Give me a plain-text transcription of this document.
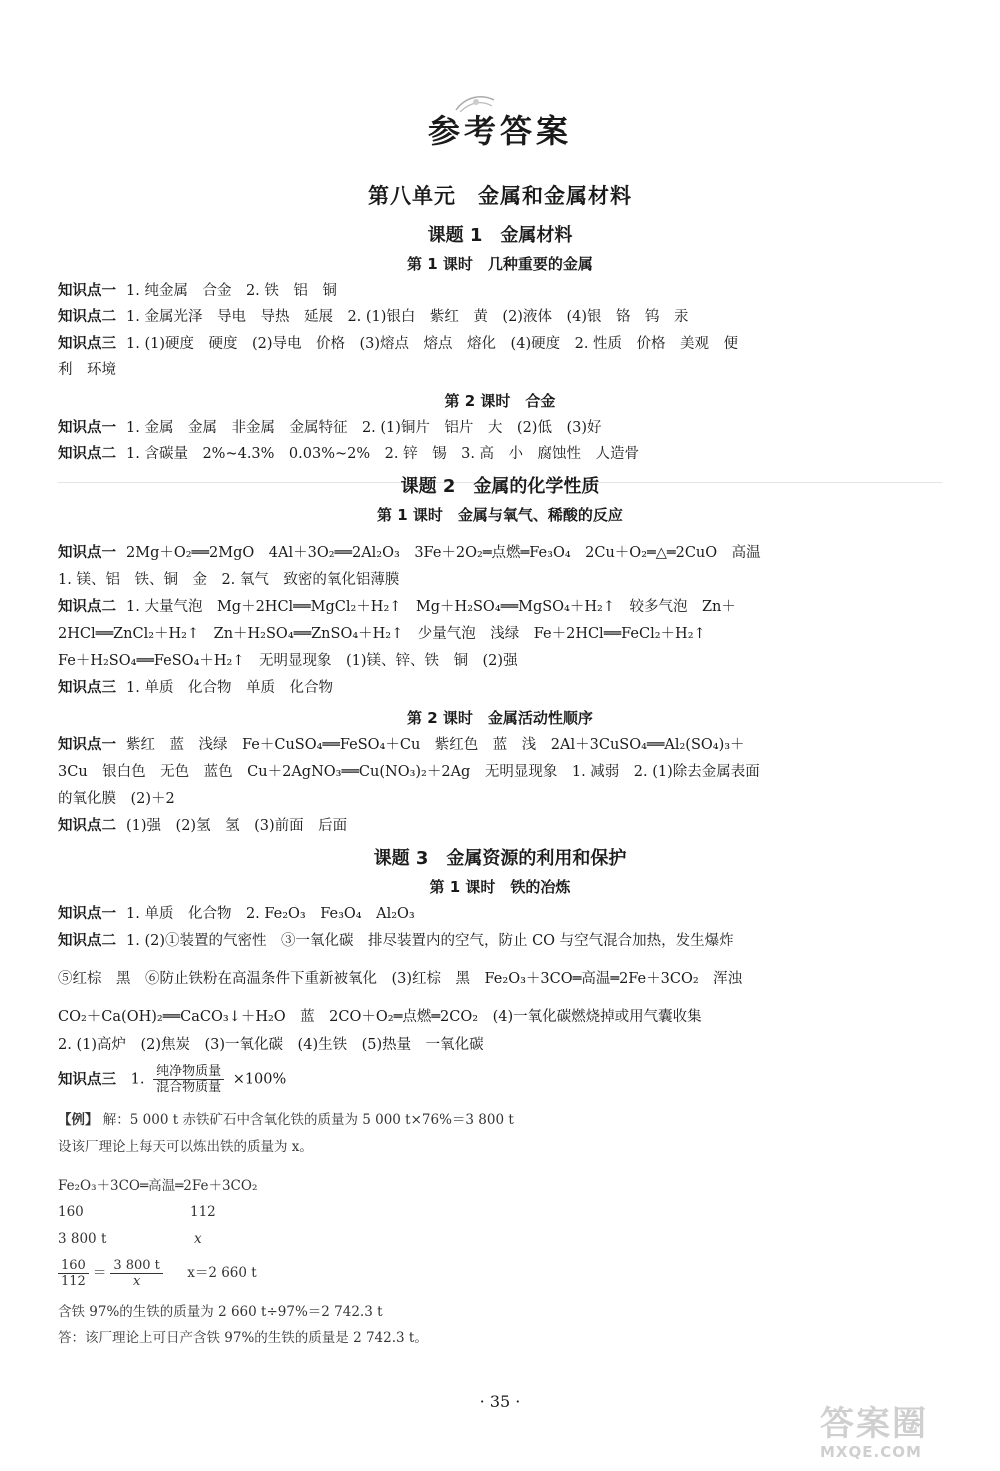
参考答案
第八单元　金属和金属材料
课题 1　金属材料
第 1 课时　几种重要的金属
知识点一 1. 纯金属　合金　2. 铁　铝　铜
知识点二 1. 金属光泽　导电　导热　延展　2. (1)银白　紫红　黄　(2)液体　(4)银　铬　钨　汞
知识点三 1. (1)硬度　硬度　(2)导电　价格　(3)熔点　熔点　熔化　(4)硬度　2. 性质　价格　美观　便
利　环境
第 2 课时　合金
知识点一 1. 金属　金属　非金属　金属特征　2. (1)铜片　铝片　大　(2)低　(3)好
知识点二 1. 含碳量　2%~4.3%　0.03%~2%　2. 锌　锡　3. 高　小　腐蚀性　人造骨
课题 2　金属的化学性质
第 1 课时　金属与氧气、稀酸的反应
知识点一 2Mg＋O₂══2MgO　4Al＋3O₂══2Al₂O₃　3Fe＋2O₂═点燃═Fe₃O₄　2Cu＋O₂═△═2CuO　高温
1. 镁、铝　铁、铜　金　2. 氧气　致密的氧化铝薄膜
知识点二 1. 大量气泡　Mg＋2HCl══MgCl₂＋H₂↑　Mg＋H₂SO₄══MgSO₄＋H₂↑　较多气泡　Zn＋
2HCl══ZnCl₂＋H₂↑　Zn＋H₂SO₄══ZnSO₄＋H₂↑　少量气泡　浅绿　Fe＋2HCl══FeCl₂＋H₂↑
Fe＋H₂SO₄══FeSO₄＋H₂↑　无明显现象　(1)镁、锌、铁　铜　(2)强
知识点三 1. 单质　化合物　单质　化合物
第 2 课时　金属活动性顺序
知识点一 紫红　蓝　浅绿　Fe＋CuSO₄══FeSO₄＋Cu　紫红色　蓝　浅　2Al＋3CuSO₄══Al₂(SO₄)₃＋
3Cu　银白色　无色　蓝色　Cu＋2AgNO₃══Cu(NO₃)₂＋2Ag　无明显现象　1. 减弱　2. (1)除去金属表面
的氧化膜　(2)＋2
知识点二 (1)强　(2)氢　氢　(3)前面　后面
课题 3　金属资源的利用和保护
第 1 课时　铁的冶炼
知识点一 1. 单质　化合物　2. Fe₂O₃　Fe₃O₄　Al₂O₃
知识点二 1. (2)①装置的气密性　③一氧化碳　排尽装置内的空气，防止 CO 与空气混合加热，发生爆炸
⑤红棕　黑　⑥防止铁粉在高温条件下重新被氧化　(3)红棕　黑　Fe₂O₃＋3CO═高温═2Fe＋3CO₂　浑浊
CO₂＋Ca(OH)₂══CaCO₃↓＋H₂O　蓝　2CO＋O₂═点燃═2CO₂　(4)一氧化碳燃烧掉或用气囊收集
2. (1)高炉　(2)焦炭　(3)一氧化碳　(4)生铁　(5)热量　一氧化碳
知识点三 1. $\frac{\text{纯净物质量}}{\text{混合物质量}} \times 100\%$
【例】 解：5 000 t 赤铁矿石中含氧化铁的质量为 5 000 t×76%＝3 800 t
设该厂理论上每天可以炼出铁的质量为 x。
Fe₂O₃＋3CO═高温═2Fe＋3CO₂
160	112
3 800 t	x
$\frac{160}{112} = \frac{3 800 t}{x} x=2$ 660 t
含铁 97%的生铁的质量为 2 660 t÷97%＝2 742.3 t
答：该厂理论上可日产含铁 97%的生铁的质量是 2 742.3 t。
· 35 ·
答案圈
MXQE.COM
